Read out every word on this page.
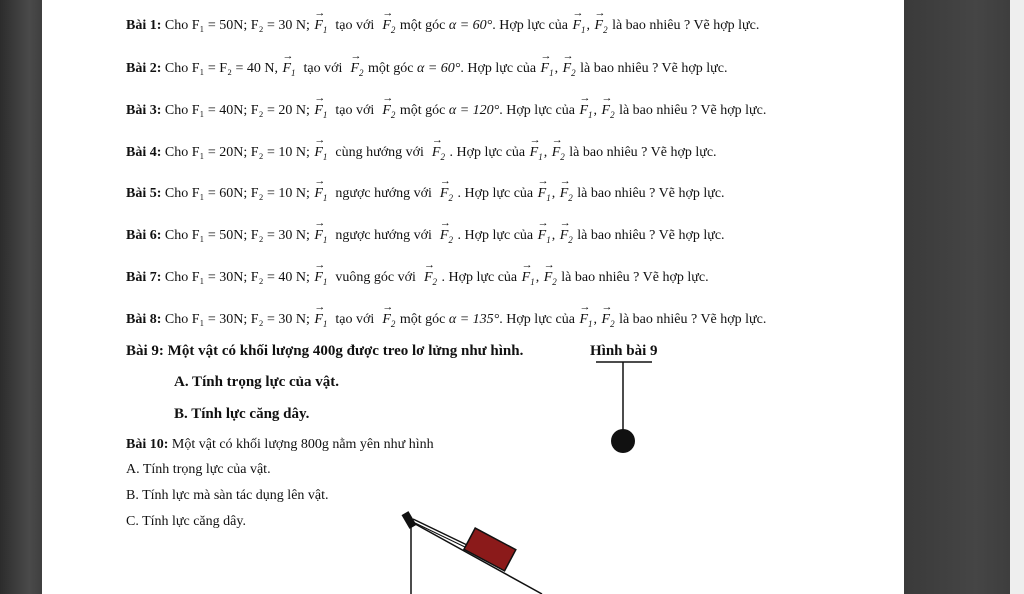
Bài 1: Cho F₁ = 50N; F₂ = 30 N; → $F_1$ tạo với → $F_2$ một góc α = 60°. Hợp lực của → $F_1$, → $F_2$ là bao nhiêu ? Vẽ hợp lực.
Bài 2: Cho F₁ = F₂ = 40 N, → $F_1$ tạo với → $F_2$ một góc α = 60°. Hợp lực của → $F_1$, → $F_2$ là bao nhiêu ? Vẽ hợp lực.
Bài 3: Cho F₁ = 40N; F₂ = 20 N; → $F_1$ tạo với → $F_2$ một góc α = 120°. Hợp lực của → $F_1$, → $F_2$ là bao nhiêu ? Vẽ hợp lực.
Bài 4: Cho F₁ = 20N; F₂ = 10 N; → $F_1$ cùng hướng với → $F_2$ . Hợp lực của → $F_1$, → $F_2$ là bao nhiêu ? Vẽ hợp lực.
Bài 5: Cho F₁ = 60N; F₂ = 10 N; → $F_1$ ngược hướng với → $F_2$ . Hợp lực của → $F_1$, → $F_2$ là bao nhiêu ? Vẽ hợp lực.
Bài 6: Cho F₁ = 50N; F₂ = 30 N; → $F_1$ ngược hướng với → $F_2$ . Hợp lực của → $F_1$, → $F_2$ là bao nhiêu ? Vẽ hợp lực.
Bài 7: Cho F₁ = 30N; F₂ = 40 N; → $F_1$ vuông góc với → $F_2$ . Hợp lực của → $F_1$, → $F_2$ là bao nhiêu ? Vẽ hợp lực.
Bài 8: Cho F₁ = 30N; F₂ = 30 N; → $F_1$ tạo với → $F_2$ một góc α = 135°. Hợp lực của → $F_1$, → $F_2$ là bao nhiêu ? Vẽ hợp lực.
Bài 9: Một vật có khối lượng 400g được treo lơ lửng như hình.
A. Tính trọng lực của vật.
B. Tính lực căng dây.
Hình bài 9
Bài 10: Một vật có khối lượng 800g nằm yên như hình
A. Tính trọng lực của vật.
B. Tính lực mà sàn tác dụng lên vật.
C. Tính lực căng dây.
